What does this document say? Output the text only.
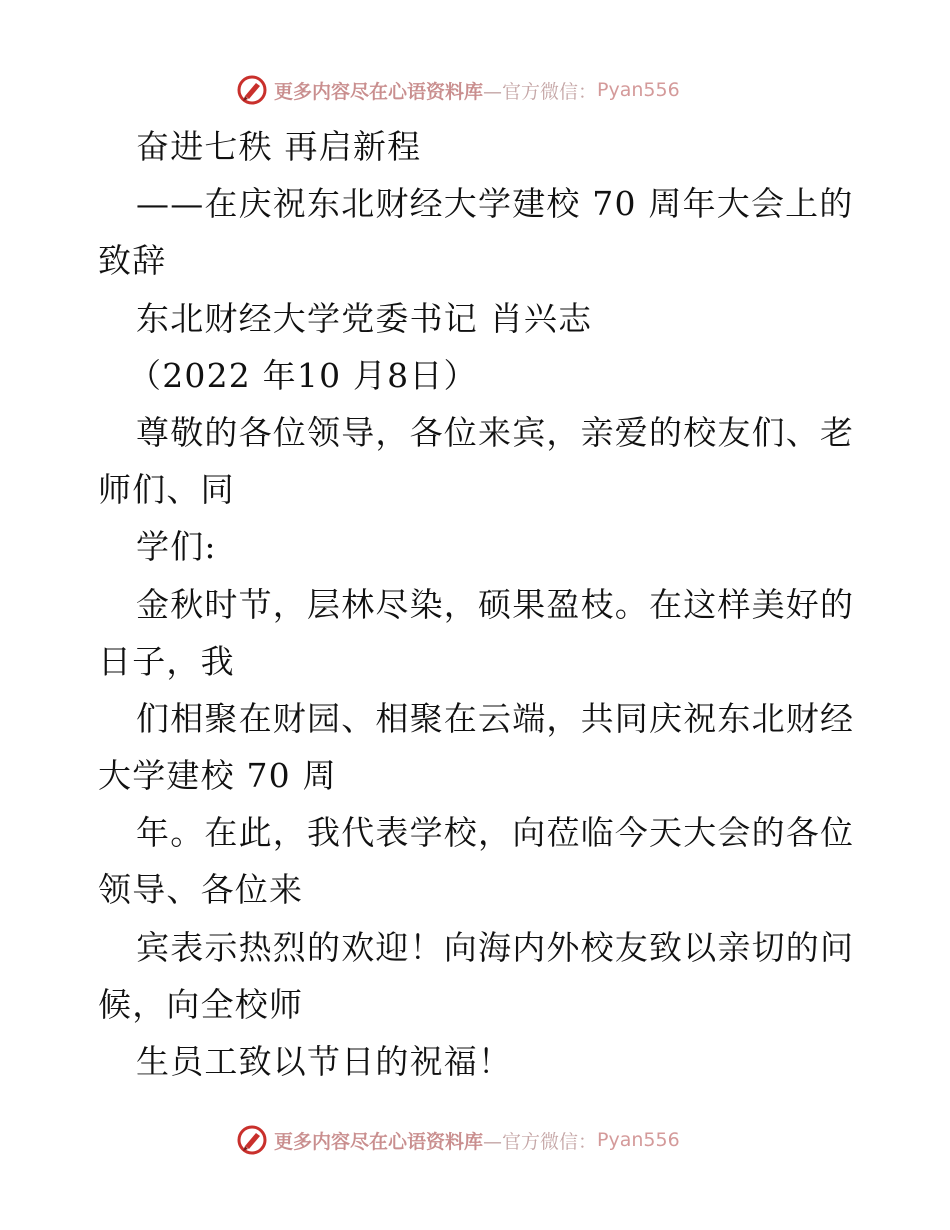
更多内容尽在心语资料库 —官方微信： Pyan556
奋进七秩 再启新程
——在庆祝东北财经大学建校 70 周年大会上的
致辞
东北财经大学党委书记 肖兴志
（2022 年10 月8日）
尊敬的各位领导，各位来宾，亲爱的校友们、老
师们、同
学们:
金秋时节，层林尽染，硕果盈枝。在这样美好的
日子，我
们相聚在财园、相聚在云端，共同庆祝东北财经
大学建校 70 周
年。在此，我代表学校，向莅临今天大会的各位
领导、各位来
宾表示热烈的欢迎！向海内外校友致以亲切的问
候，向全校师
生员工致以节日的祝福！
更多内容尽在心语资料库 —官方微信： Pyan556
